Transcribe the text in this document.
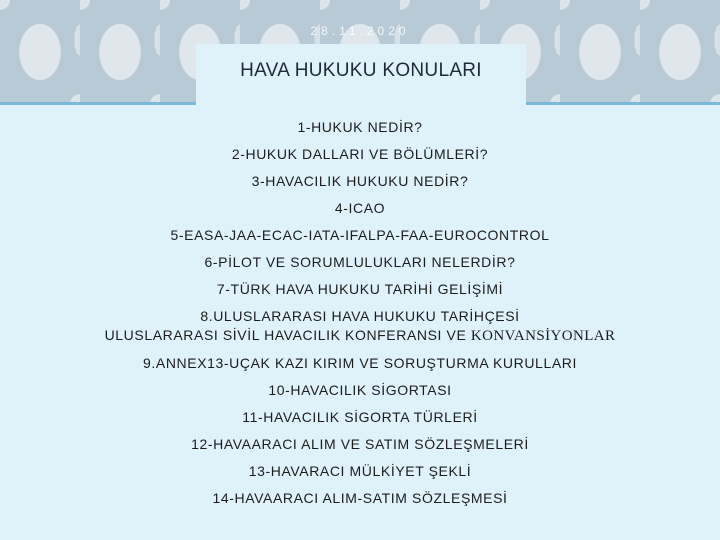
28.11.2020
HAVA HUKUKU KONULARI
1-HUKUK NEDİR?
2-HUKUK DALLARI VE BÖLÜMLERİ?
3-HAVACILIK HUKUKU NEDİR?
4-ICAO
5-EASA-JAA-ECAC-IATA-IFALPA-FAA-EUROCONTROL
6-PİLOT VE SORUMLULUKLARI NELERDİR?
7-TÜRK HAVA HUKUKU TARİHİ GELİŞİMİ
8.ULUSLARARASI HAVA HUKUKU TARİHÇESİ
ULUSLARARASI SİVİL HAVACILIK KONFERANSI VE KONVANSİYONLAR
9.ANNEX13-UÇAK KAZI KIRIM VE SORUŞTURMA KURULLARI
10-HAVACILIK SİGORTASI
11-HAVACILIK SİGORTA TÜRLERİ
12-HAVAARACI ALIM VE SATIM SÖZLEŞMELERİ
13-HAVARACI MÜLKİYET ŞEKLİ
14-HAVAARACI ALIM-SATIM SÖZLEŞMESİ
